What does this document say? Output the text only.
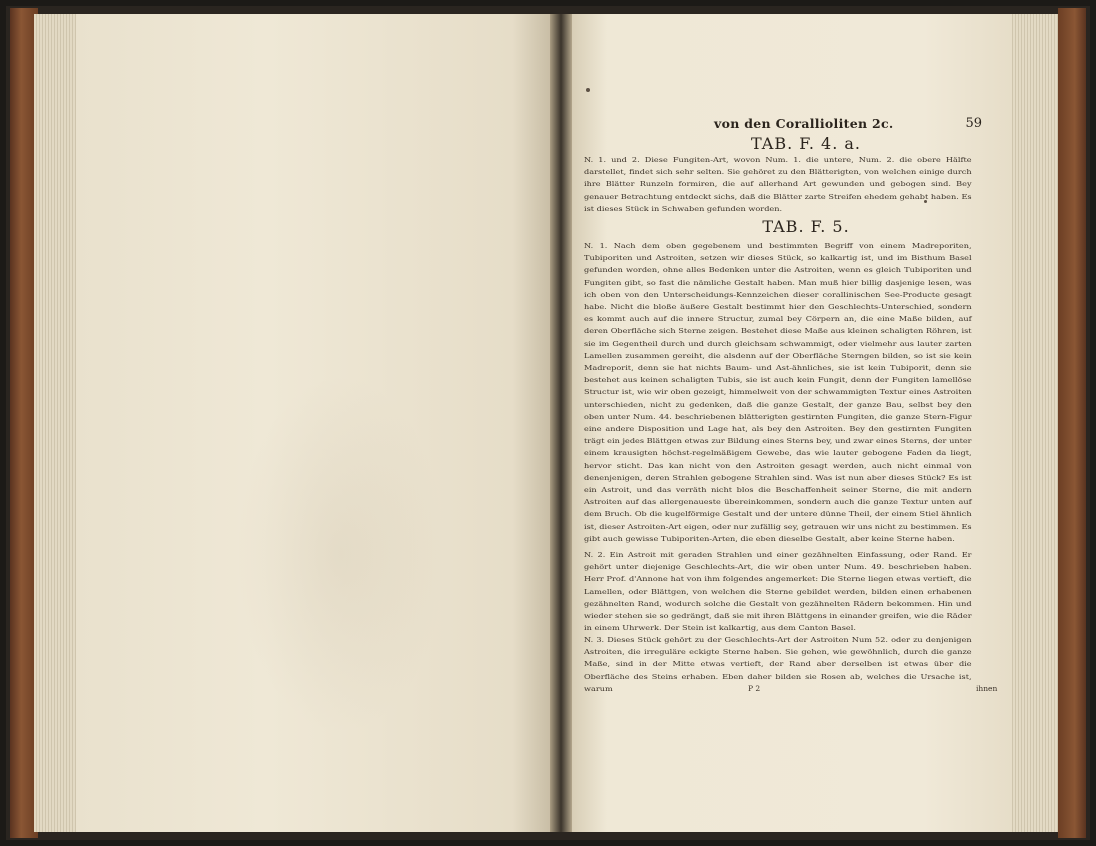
von den Corallioliten 2c.	59
TAB. F. 4. a.
N. 1. und 2. Diese Fungiten-Art, wovon Num. 1. die untere, Num. 2. die obere Hälfte darstellet, findet sich sehr selten. Sie gehöret zu den Blätterigten, von welchen einige durch ihre Blätter Runzeln formiren, die auf allerhand Art gewunden und gebogen sind. Bey genauer Betrachtung entdeckt sichs, daß die Blätter zarte Streifen ehedem gehabt haben. Es ist dieses Stück in Schwaben gefunden worden.
TAB. F. 5.
N. 1. Nach dem oben gegebenem und bestimmten Begriff von einem Madreporiten, Tubiporiten und Astroiten, setzen wir dieses Stück, so kalkartig ist, und im Bisthum Basel gefunden worden, ohne alles Bedenken unter die Astroiten, wenn es gleich Tubiporiten und Fungiten gibt, so fast die nämliche Gestalt haben. Man muß hier billig dasjenige lesen, was ich oben von den Unterscheidungs-Kennzeichen dieser corallinischen See-Producte gesagt habe. Nicht die bloße äußere Gestalt bestimmt hier den Geschlechts-Unterschied, sondern es kommt auch auf die innere Structur, zumal bey Cörpern an, die eine Maße bilden, auf deren Oberfläche sich Sterne zeigen. Bestehet diese Maße aus kleinen schaligten Röhren, ist sie im Gegentheil durch und durch gleichsam schwammigt, oder vielmehr aus lauter zarten Lamellen zusammen gereiht, die alsdenn auf der Oberfläche Sterngen bilden, so ist sie kein Madreporit, denn sie hat nichts Baum- und Ast-ähnliches, sie ist kein Tubiporit, denn sie bestehet aus keinen schaligten Tubis, sie ist auch kein Fungit, denn der Fungiten lamellöse Structur ist, wie wir oben gezeigt, himmelweit von der schwammigten Textur eines Astroiten unterschieden, nicht zu gedenken, daß die ganze Gestalt, der ganze Bau, selbst bey den oben unter Num. 44. beschriebenen blätterigten gestirnten Fungiten, die ganze Stern-Figur eine andere Disposition und Lage hat, als bey den Astroiten. Bey den gestirnten Fungiten trägt ein jedes Blättgen etwas zur Bildung eines Sterns bey, und zwar eines Sterns, der unter einem krausigten höchst-regelmäßigem Gewebe, das wie lauter gebogene Faden da liegt, hervor sticht. Das kan nicht von den Astroiten gesagt werden, auch nicht einmal von denenjenigen, deren Strahlen gebogene Strahlen sind. Was ist nun aber dieses Stück? Es ist ein Astroit, und das verräth nicht blos die Beschaffenheit seiner Sterne, die mit andern Astroiten auf das allergenaueste übereinkommen, sondern auch die ganze Textur unten auf dem Bruch. Ob die kugelförmige Gestalt und der untere dünne Theil, der einem Stiel ähnlich ist, dieser Astroiten-Art eigen, oder nur zufällig sey, getrauen wir uns nicht zu bestimmen. Es gibt auch gewisse Tubiporiten-Arten, die eben dieselbe Gestalt, aber keine Sterne haben.
N. 2. Ein Astroit mit geraden Strahlen und einer gezähnelten Einfassung, oder Rand. Er gehört unter diejenige Geschlechts-Art, die wir oben unter Num. 49. beschrieben haben. Herr Prof. d'Annone hat von ihm folgendes angemerket: Die Sterne liegen etwas vertieft, die Lamellen, oder Blättgen, von welchen die Sterne gebildet werden, bilden einen erhabenen gezähnelten Rand, wodurch solche die Gestalt von gezähnelten Rädern bekommen. Hin und wieder stehen sie so gedrängt, daß sie mit ihren Blättgens in einander greifen, wie die Räder in einem Uhrwerk. Der Stein ist kalkartig, aus dem Canton Basel.
N. 3. Dieses Stück gehört zu der Geschlechts-Art der Astroiten Num 52. oder zu denjenigen Astroiten, die irreguläre eckigte Sterne haben. Sie gehen, wie gewöhnlich, durch die ganze Maße, sind in der Mitte etwas vertieft, der Rand aber derselben ist etwas über die Oberfläche des Steins erhaben. Eben daher bilden sie Rosen ab, welches die Ursache ist, warum	P 2	ihnen
